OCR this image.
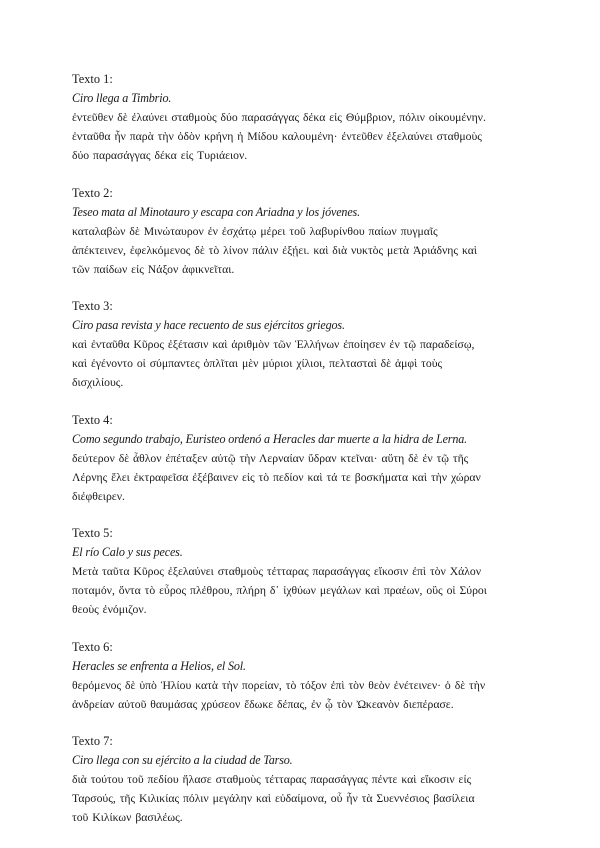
Texto 1:
Ciro llega a Timbrio.
ἐντεῦθεν δὲ ἐλαύνει σταθμοὺς δύο παρασάγγας δέκα εἰς Θύμβριον, πόλιν οἰκουμένην.
ἐνταῦθα ἦν παρὰ τὴν ὁδὸν κρήνη ἡ Μίδου καλουμένη· ἐντεῦθεν ἐξελαύνει σταθμοὺς
δύο παρασάγγας δέκα εἰς Τυριάειον.
Texto 2:
Teseo mata al Minotauro y escapa con Ariadna y los jóvenes.
καταλαβὼν δὲ Μινώταυρον ἐν ἐσχάτῳ μέρει τοῦ λαβυρίνθου παίων πυγμαῖς
ἀπέκτεινεν, ἐφελκόμενος δὲ τὸ λίνον πάλιν ἐξῄει. καὶ διὰ νυκτὸς μετὰ Ἀριάδνης καὶ
τῶν παίδων εἰς Νάξον ἀφικνεῖται.
Texto 3:
Ciro pasa revista y hace recuento de sus ejércitos griegos.
καὶ ἐνταῦθα Κῦρος ἐξέτασιν καὶ ἀριθμὸν τῶν Ἑλλήνων ἐποίησεν ἐν τῷ παραδείσῳ,
καὶ ἐγένοντο οἱ σύμπαντες ὁπλῖται μὲν μύριοι χίλιοι, πελτασταὶ δὲ ἀμφὶ τοὺς
δισχιλίους.
Texto 4:
Como segundo trabajo, Euristeo ordenó a Heracles dar muerte a la hidra de Lerna.
δεύτερον δὲ ἆθλον ἐπέταξεν αὐτῷ τὴν Λερναίαν ὕδραν κτεῖναι· αὕτη δὲ ἐν τῷ τῆς
Λέρνης ἕλει ἐκτραφεῖσα ἐξέβαινεν εἰς τὸ πεδίον καὶ τά τε βοσκήματα καὶ τὴν χώραν
διέφθειρεν.
Texto 5:
El río Calo y sus peces.
Μετὰ ταῦτα Κῦρος ἐξελαύνει σταθμοὺς τέτταρας παρασάγγας εἴκοσιν ἐπὶ τὸν Χάλον
ποταμόν, ὄντα τὸ εὖρος πλέθρου, πλήρη δ᾽ ἰχθύων μεγάλων καὶ πραέων, οὓς οἱ Σύροι
θεοὺς ἐνόμιζον.
Texto 6:
Heracles se enfrenta a Helios, el Sol.
θερόμενος δὲ ὑπὸ Ἡλίου κατὰ τὴν πορείαν, τὸ τόξον ἐπὶ τὸν θεὸν ἐνέτεινεν· ὁ δὲ τὴν
ἀνδρείαν αὐτοῦ θαυμάσας χρύσεον ἔδωκε δέπας, ἐν ᾧ τὸν Ὠκεανὸν διεπέρασε.
Texto 7:
Ciro llega con su ejército a la ciudad de Tarso.
διὰ τούτου τοῦ πεδίου ἤλασε σταθμοὺς τέτταρας παρασάγγας πέντε καὶ εἴκοσιν εἰς
Ταρσούς, τῆς Κιλικίας πόλιν μεγάλην καὶ εὐδαίμονα, οὗ ἦν τὰ Συεννέσιος βασίλεια
τοῦ Κιλίκων βασιλέως.
